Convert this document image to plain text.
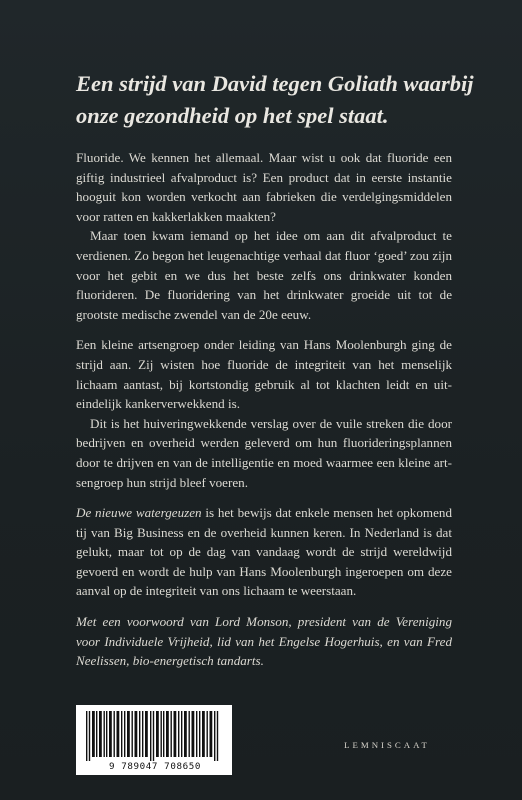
Een strijd van David tegen Goliath waarbij
onze gezondheid op het spel staat.

Fluoride. We kennen het allemaal. Maar wist u ook dat fluoride een giftig industrieel afvalproduct is? Een product dat in eerste instantie hooguit kon worden verkocht aan fabrieken die verdelgingsmiddelen voor ratten en kakkerlakken maakten?

Maar toen kwam iemand op het idee om aan dit afvalproduct te verdienen. Zo begon het leugenachtige verhaal dat fluor ‘goed’ zou zijn voor het gebit en we dus het beste zelfs ons drinkwater konden fluorideren. De fluoridering van het drinkwater groeide uit tot de grootste medische zwendel van de 20e eeuw.

Een kleine artsengroep onder leiding van Hans Moolenburgh ging de strijd aan. Zij wisten hoe fluoride de integriteit van het menselijk lichaam aantast, bij kortstondig gebruik al tot klachten leidt en uit-eindelijk kankerverwekkend is.

Dit is het huiveringwekkende verslag over de vuile streken die door bedrijven en overheid werden geleverd om hun fluorideringsplannen door te drijven en van de intelligentie en moed waarmee een kleine art-sengroep hun strijd bleef voeren.

De nieuwe watergeuzen is het bewijs dat enkele mensen het opkomend tij van Big Business en de overheid kunnen keren. In Nederland is dat gelukt, maar tot op de dag van vandaag wordt de strijd wereldwijd gevoerd en wordt de hulp van Hans Moolenburgh ingeroepen om deze aanval op de integriteit van ons lichaam te weerstaan.

Met een voorwoord van Lord Monson, president van de Vereniging voor Individuele Vrijheid, lid van het Engelse Hogerhuis, en van Fred Neelissen, bio-energetisch tandarts.

9 789047 708650
LEMNISCAAT
